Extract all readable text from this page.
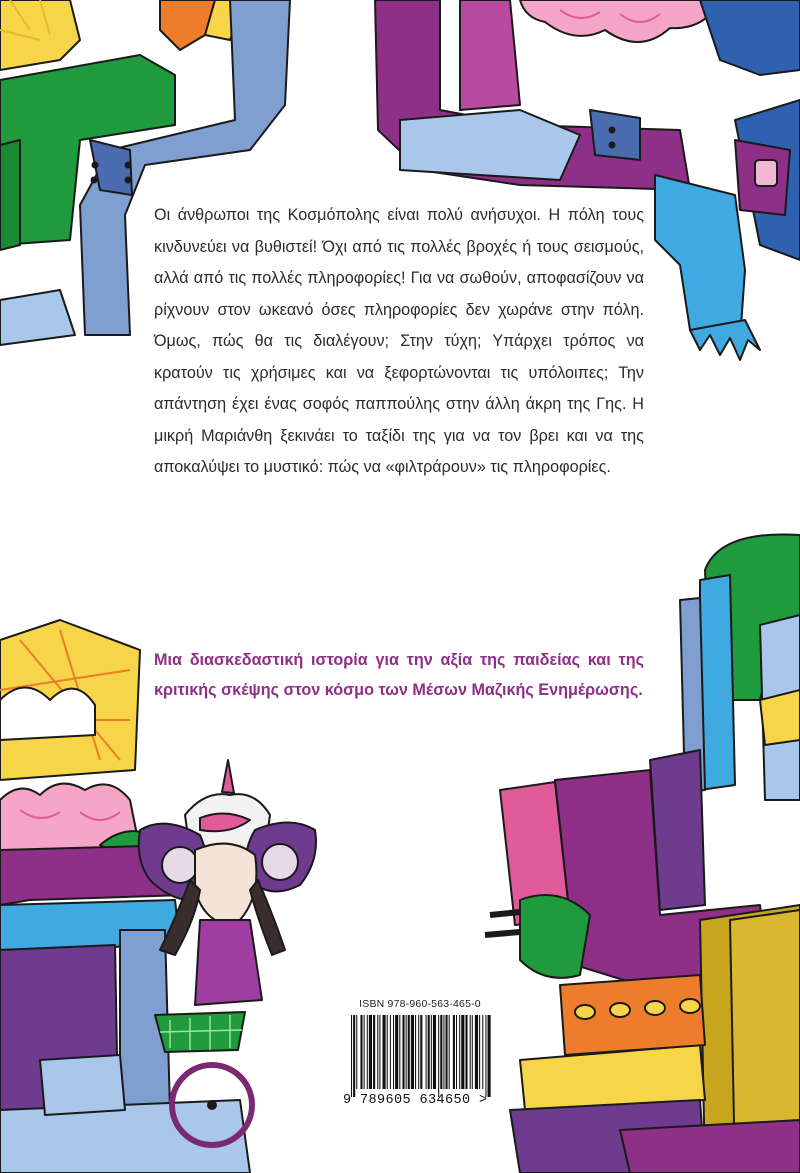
Οι άνθρωποι της Κοσμόπολης είναι πολύ ανήσυχοι. Η πόλη τους κινδυνεύει να βυθιστεί! Όχι από τις πολλές βροχές ή τους σεισμούς, αλλά από τις πολλές πληροφορίες! Για να σωθούν, αποφασίζουν να ρίχνουν στον ωκεανό όσες πληροφορίες δεν χωράνε στην πόλη. Όμως, πώς θα τις διαλέγουν; Στην τύχη; Υπάρχει τρόπος να κρατούν τις χρήσιμες και να ξεφορτώνονται τις υπόλοιπες; Την απάντηση έχει ένας σοφός παππούλης στην άλλη άκρη της Γης. Η μικρή Μαριάνθη ξεκινάει το ταξίδι της για να τον βρει και να της αποκαλύψει το μυστικό: πώς να «φιλτράρουν» τις πληροφορίες.

Μια διασκεδαστική ιστορία για την αξία της παιδείας και της κριτικής σκέψης στον κόσμο των Μέσων Μαζικής Ενημέρωσης.

ISBN 978-960-563-465-0
9 789605 634650 >
